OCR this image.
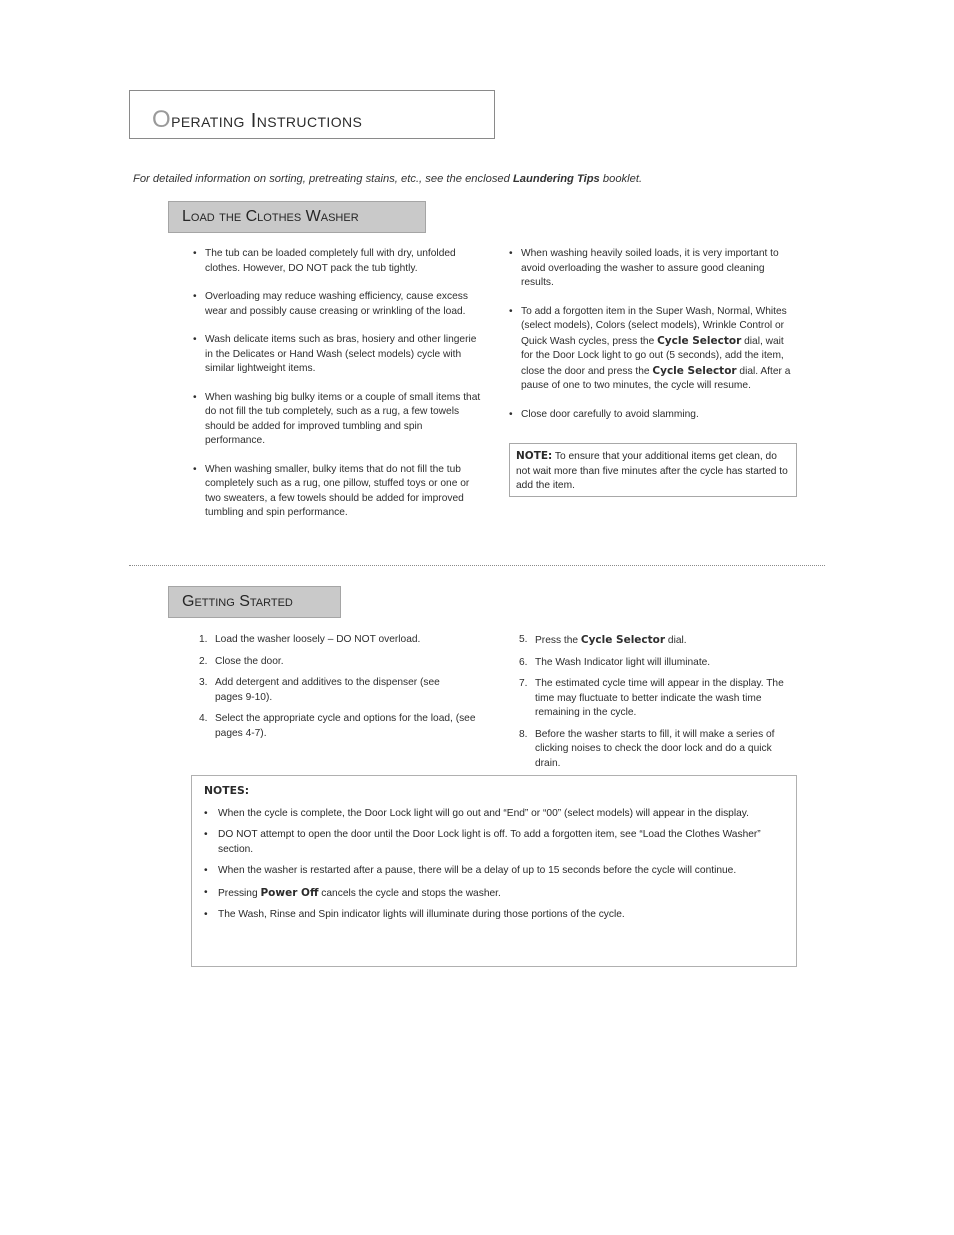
Operating Instructions
For detailed information on sorting, pretreating stains, etc., see the enclosed Laundering Tips booklet.
Load the Clothes Washer
• The tub can be loaded completely full with dry, unfolded clothes. However, DO NOT pack the tub tightly.
• Overloading may reduce washing efficiency, cause excess wear and possibly cause creasing or wrinkling of the load.
• Wash delicate items such as bras, hosiery and other lingerie in the Delicates or Hand Wash (select models) cycle with similar lightweight items.
• When washing big bulky items or a couple of small items that do not fill the tub completely, such as a rug, a few towels should be added for improved tumbling and spin performance.
• When washing smaller, bulky items that do not fill the tub completely such as a rug, one pillow, stuffed toys or one or two sweaters, a few towels should be added for improved tumbling and spin performance.
• When washing heavily soiled loads, it is very important to avoid overloading the washer to assure good cleaning results.
• To add a forgotten item in the Super Wash, Normal, Whites (select models), Colors (select models), Wrinkle Control or Quick Wash cycles, press the Cycle Selector dial, wait for the Door Lock light to go out (5 seconds), add the item, close the door and press the Cycle Selector dial. After a pause of one to two minutes, the cycle will resume.
• Close door carefully to avoid slamming.
NOTE: To ensure that your additional items get clean, do not wait more than five minutes after the cycle has started to add the item.
Getting Started
1. Load the washer loosely – DO NOT overload.
2. Close the door.
3. Add detergent and additives to the dispenser (see pages 9-10).
4. Select the appropriate cycle and options for the load, (see pages 4-7).
5. Press the Cycle Selector dial.
6. The Wash Indicator light will illuminate.
7. The estimated cycle time will appear in the display. The time may fluctuate to better indicate the wash time remaining in the cycle.
8. Before the washer starts to fill, it will make a series of clicking noises to check the door lock and do a quick drain.
NOTES:
• When the cycle is complete, the Door Lock light will go out and “End” or “00” (select models) will appear in the display.
• DO NOT attempt to open the door until the Door Lock light is off. To add a forgotten item, see “Load the Clothes Washer” section.
• When the washer is restarted after a pause, there will be a delay of up to 15 seconds before the cycle will continue.
• Pressing Power Off cancels the cycle and stops the washer.
• The Wash, Rinse and Spin indicator lights will illuminate during those portions of the cycle.
